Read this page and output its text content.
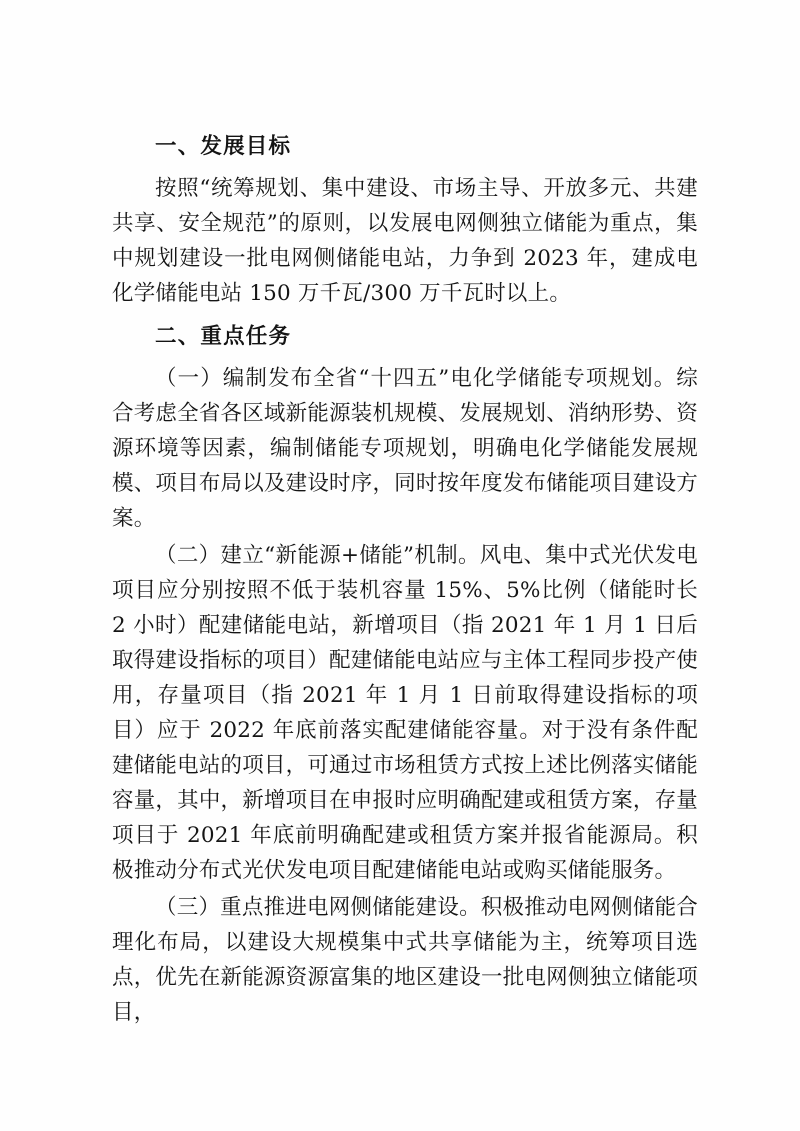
一、发展目标

按照“统筹规划、集中建设、市场主导、开放多元、共建共享、安全规范”的原则，以发展电网侧独立储能为重点，集中规划建设一批电网侧储能电站，力争到 2023 年，建成电化学储能电站 150 万千瓦/300 万千瓦时以上。

二、重点任务

（一）编制发布全省“十四五”电化学储能专项规划。综合考虑全省各区域新能源装机规模、发展规划、消纳形势、资源环境等因素，编制储能专项规划，明确电化学储能发展规模、项目布局以及建设时序，同时按年度发布储能项目建设方案。

（二）建立“新能源+储能”机制。风电、集中式光伏发电项目应分别按照不低于装机容量 15%、5%比例（储能时长 2 小时）配建储能电站，新增项目（指 2021 年 1 月 1 日后取得建设指标的项目）配建储能电站应与主体工程同步投产使用，存量项目（指 2021 年 1 月 1 日前取得建设指标的项目）应于 2022 年底前落实配建储能容量。对于没有条件配建储能电站的项目，可通过市场租赁方式按上述比例落实储能容量，其中，新增项目在申报时应明确配建或租赁方案，存量项目于 2021 年底前明确配建或租赁方案并报省能源局。积极推动分布式光伏发电项目配建储能电站或购买储能服务。

（三）重点推进电网侧储能建设。积极推动电网侧储能合理化布局，以建设大规模集中式共享储能为主，统筹项目选点，优先在新能源资源富集的地区建设一批电网侧独立储能项目，
